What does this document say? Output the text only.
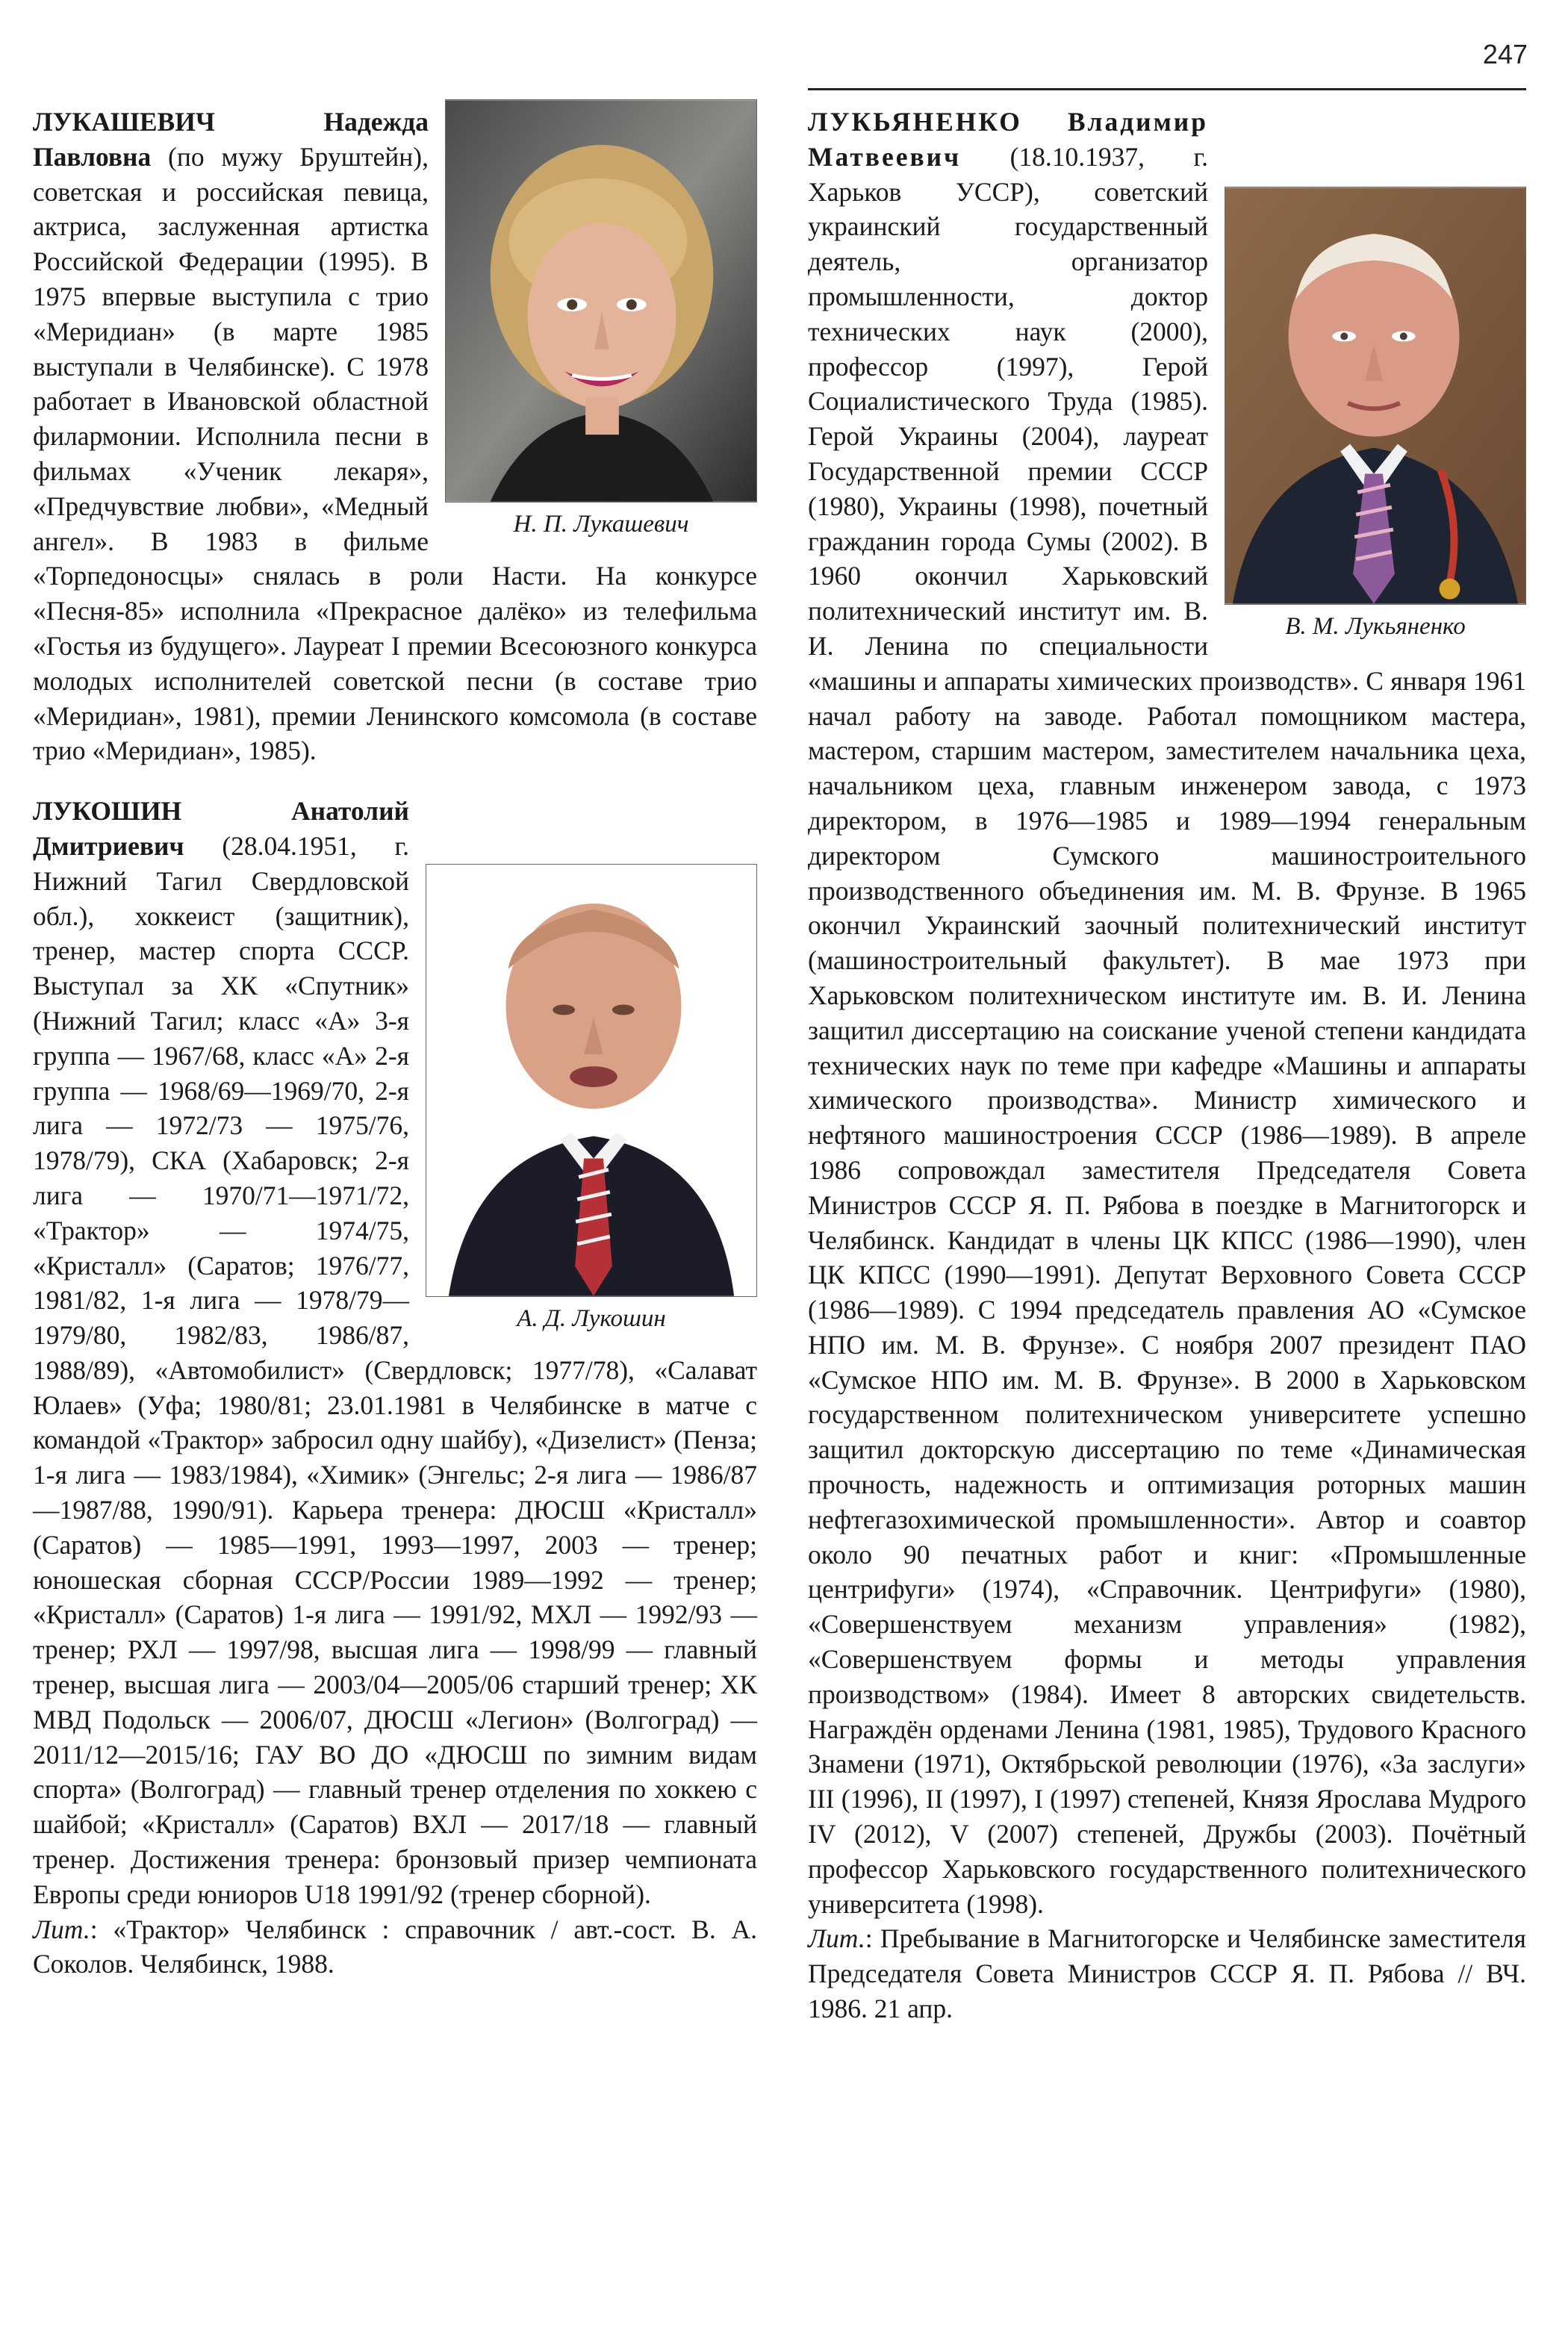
247
Н. П. Лукашевич

ЛУКАШЕВИЧ	Надежда Павловна (по мужу Бруштейн), советская и российская певица, актриса, заслуженная артистка Российской Федерации (1995). В 1975 впервые выступила с трио «Меридиан» (в марте 1985 выступали в Челябинске). С 1978 работает в Ивановской областной филармонии. Исполнила песни в фильмах «Ученик лекаря», «Предчувствие любви», «Медный ангел». В 1983 в фильме «Торпедоносцы» снялась в роли Насти. На конкурсе «Песня-85» исполнила «Прекрасное далёко» из телефильма «Гостья из будущего». Лауреат I премии Всесоюзного конкурса молодых исполнителей советской песни (в составе трио «Меридиан», 1981), премии Ленинского комсомола (в составе трио «Меридиан», 1985).

А. Д. Лукошин

ЛУКОШИН	Анатолий Дмитриевич (28.04.1951, г. Нижний Тагил Свердловской обл.), хоккеист (защитник), тренер, мастер спорта СССР. Выступал за ХК «Спутник» (Нижний Тагил; класс «А» 3-я группа — 1967/68, класс «А» 2-я группа — 1968/69—1969/70, 2-я лига — 1972/73 — 1975/76, 1978/79), СКА (Хабаровск; 2-я лига — 1970/71—1971/72, «Трактор» — 1974/75, «Кристалл» (Саратов; 1976/77, 1981/82, 1-я лига — 1978/79—1979/80, 1982/83, 1986/87, 1988/89), «Автомобилист» (Свердловск; 1977/78), «Салават Юлаев» (Уфа; 1980/81; 23.01.1981 в Челябинске в матче с командой «Трактор» забросил одну шайбу), «Дизелист» (Пенза; 1-я лига — 1983/1984), «Химик» (Энгельс; 2-я лига — 1986/87—1987/88, 1990/91). Карьера тренера: ДЮСШ «Кристалл» (Саратов) — 1985—1991, 1993—1997, 2003 — тренер; юношеская сборная СССР/России 1989—1992 — тренер; «Кристалл» (Саратов) 1-я лига — 1991/92, МХЛ — 1992/93 — тренер; РХЛ — 1997/98, высшая лига — 1998/99 — главный тренер, высшая лига — 2003/04—2005/06 старший тренер; ХК МВД Подольск — 2006/07, ДЮСШ «Легион» (Волгоград) — 2011/12—2015/16; ГАУ ВО ДО «ДЮСШ по зимним видам спорта» (Волгоград) — главный тренер отделения по хоккею с шайбой; «Кристалл» (Саратов) ВХЛ — 2017/18 — главный тренер. Достижения тренера: бронзовый призер чемпионата Европы среди юниоров U18 1991/92 (тренер сборной).

Лит.: «Трактор» Челябинск : справочник / авт.-сост. В. А. Соколов. Челябинск, 1988.

В. М. Лукьяненко

ЛУКЬЯНЕНКО Владимир Матвеевич (18.10.1937, г. Харьков УССР), советский украинский государственный деятель, организатор промышленности, доктор технических наук (2000), профессор (1997), Герой Социалистического Труда (1985). Герой Украины (2004), лауреат Государственной премии СССР (1980), Украины (1998), почетный гражданин города Сумы (2002). В 1960 окончил Харьковский политехнический институт им. В. И. Ленина по специальности «машины и аппараты химических производств». С января 1961 начал работу на заводе. Работал помощником мастера, мастером, старшим мастером, заместителем начальника цеха, начальником цеха, главным инженером завода, с 1973 директором, в 1976—1985 и 1989—1994 генеральным директором Сумского машиностроительного производственного объединения им. М. В. Фрунзе. В 1965 окончил Украинский заочный политехнический институт (машиностроительный факультет). В мае 1973 при Харьковском политехническом институте им. В. И. Ленина защитил диссертацию на соискание ученой степени кандидата технических наук по теме при кафедре «Машины и аппараты химического производства». Министр химического и нефтяного машиностроения СССР (1986—1989). В апреле 1986 сопровождал заместителя Председателя Совета Министров СССР Я. П. Рябова в поездке в Магнитогорск и Челябинск. Кандидат в члены ЦК КПСС (1986—1990), член ЦК КПСС (1990—1991). Депутат Верховного Совета СССР (1986—1989). С 1994 председатель правления АО «Сумское НПО им. М. В. Фрунзе». С ноября 2007 президент ПАО «Сумское НПО им. М. В. Фрунзе». В 2000 в Харьковском государственном политехническом университете успешно защитил докторскую диссертацию по теме «Динамическая прочность, надежность и оптимизация роторных машин нефтегазохимической промышленности». Автор и соавтор около 90 печатных работ и книг: «Промышленные центрифуги» (1974), «Справочник. Центрифуги» (1980), «Совершенствуем механизм управления» (1982), «Совершенствуем формы и методы управления производством» (1984). Имеет 8 авторских свидетельств. Награждён орденами Ленина (1981, 1985), Трудового Красного Знамени (1971), Октябрьской революции (1976), «За заслуги» III (1996), II (1997), I (1997) степеней, Князя Ярослава Мудрого IV (2012), V (2007) степеней, Дружбы (2003). Почётный профессор Харьковского государственного политехнического университета (1998).

Лит.: Пребывание в Магнитогорске и Челябинске заместителя Председателя Совета Министров СССР Я. П. Рябова // ВЧ. 1986. 21 апр.
